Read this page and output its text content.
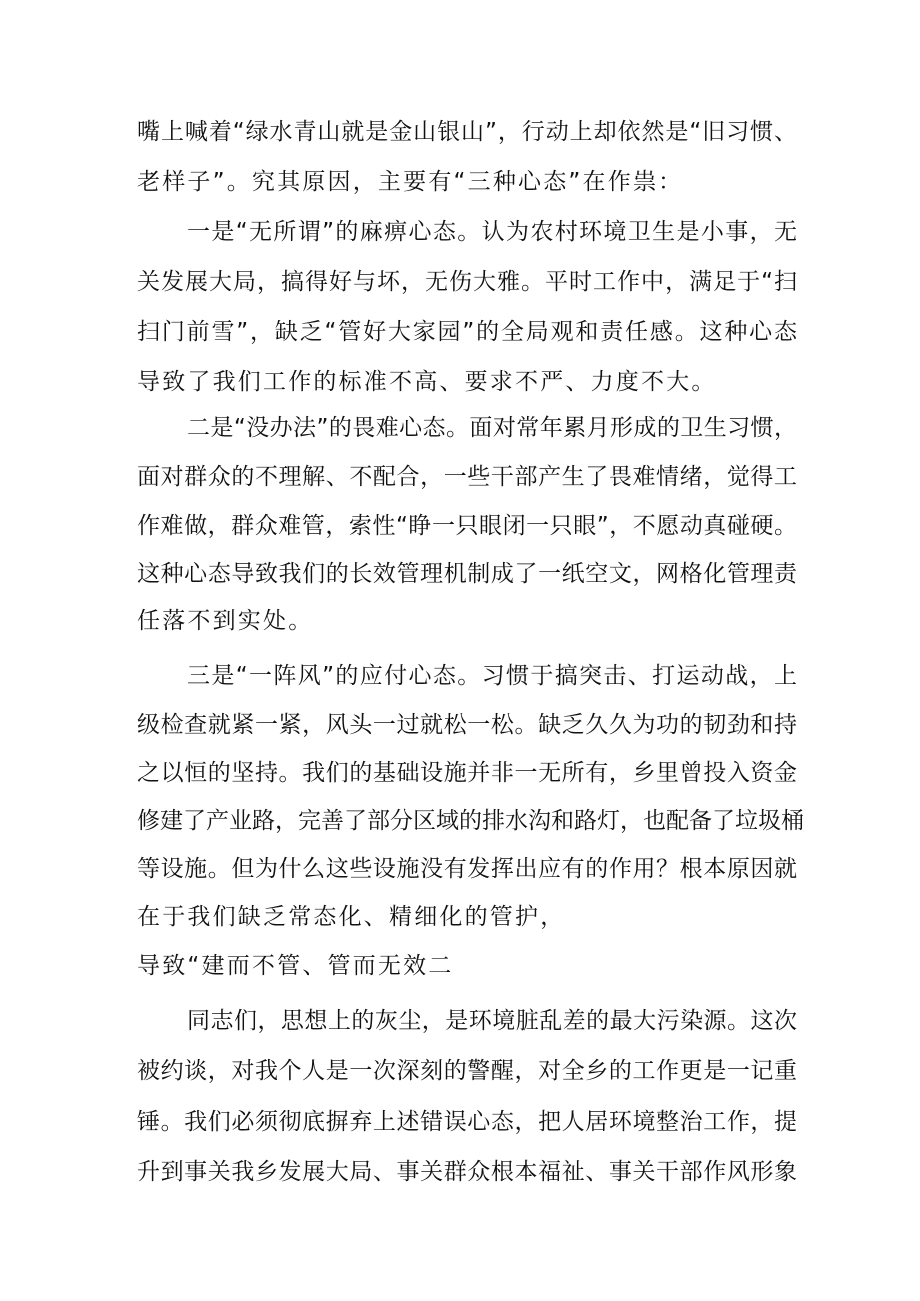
嘴上喊着“绿水青山就是金山银山”，行动上却依然是“旧习惯、
老样子”。究其原因，主要有“三种心态”在作祟：
一是“无所谓”的麻痹心态。认为农村环境卫生是小事，无
关发展大局，搞得好与坏，无伤大雅。平时工作中，满足于“扫
扫门前雪”，缺乏“管好大家园”的全局观和责任感。这种心态
导致了我们工作的标准不高、要求不严、力度不大。
二是“没办法”的畏难心态。面对常年累月形成的卫生习惯，
面对群众的不理解、不配合，一些干部产生了畏难情绪，觉得工
作难做，群众难管，索性“睁一只眼闭一只眼”，不愿动真碰硬。
这种心态导致我们的长效管理机制成了一纸空文，网格化管理责
任落不到实处。
三是“一阵风”的应付心态。习惯于搞突击、打运动战，上
级检查就紧一紧，风头一过就松一松。缺乏久久为功的韧劲和持
之以恒的坚持。我们的基础设施并非一无所有，乡里曾投入资金
修建了产业路，完善了部分区域的排水沟和路灯，也配备了垃圾桶
等设施。但为什么这些设施没有发挥出应有的作用？根本原因就
在于我们缺乏常态化、精细化的管护，
导致“建而不管、管而无效二
同志们，思想上的灰尘，是环境脏乱差的最大污染源。这次
被约谈，对我个人是一次深刻的警醒，对全乡的工作更是一记重
锤。我们必须彻底摒弃上述错误心态，把人居环境整治工作，提
升到事关我乡发展大局、事关群众根本福祉、事关干部作风形象
